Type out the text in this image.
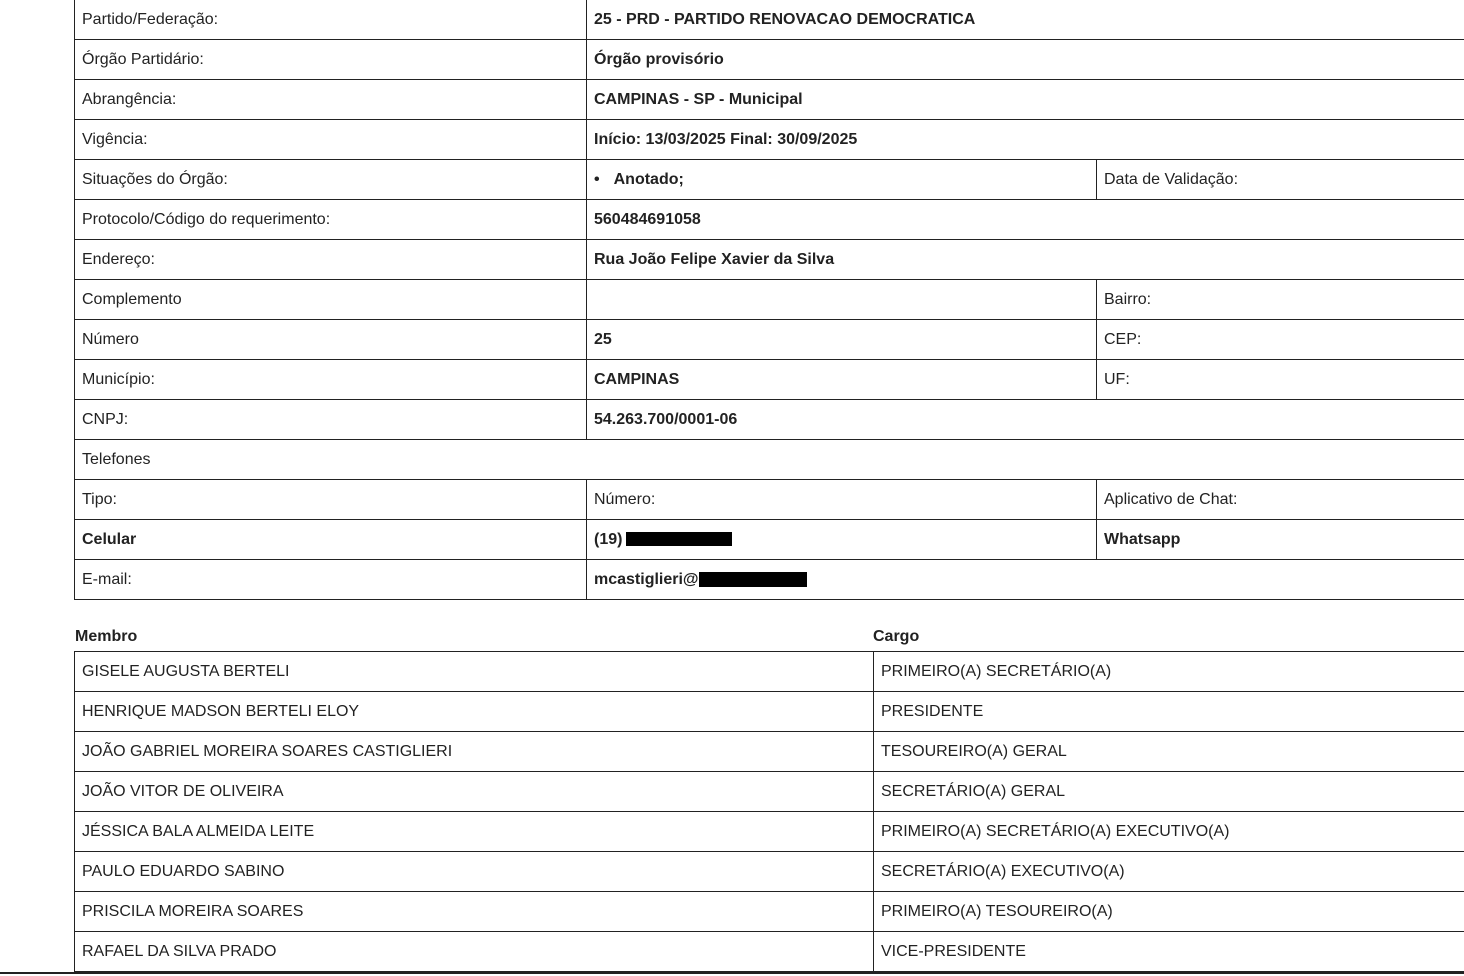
Partido/Federação:	25 - PRD - PARTIDO RENOVACAO DEMOCRATICA	
Órgão Partidário:	Órgão provisório	
Abrangência:	CAMPINAS - SP - Municipal	
Vigência:	Início: 13/03/2025 Final: 30/09/2025	
Situações do Órgão:	• Anotado;	Data de Validação:
Protocolo/Código do requerimento:	560484691058	
Endereço:	Rua João Felipe Xavier da Silva	
Complemento		Bairro:
Número	25	CEP:
Município:	CAMPINAS	UF:
CNPJ:	54.263.700/0001-06	
Telefones		
Tipo:	Número:	Aplicativo de Chat:
Celular	(19)	Whatsapp
E-mail:	mcastiglieri@	
Membro	Cargo
GISELE AUGUSTA BERTELI	PRIMEIRO(A) SECRETÁRIO(A)
HENRIQUE MADSON BERTELI ELOY	PRESIDENTE
JOÃO GABRIEL MOREIRA SOARES CASTIGLIERI	TESOUREIRO(A) GERAL
JOÃO VITOR DE OLIVEIRA	SECRETÁRIO(A) GERAL
JÉSSICA BALA ALMEIDA LEITE	PRIMEIRO(A) SECRETÁRIO(A) EXECUTIVO(A)
PAULO EDUARDO SABINO	SECRETÁRIO(A) EXECUTIVO(A)
PRISCILA MOREIRA SOARES	PRIMEIRO(A) TESOUREIRO(A)
RAFAEL DA SILVA PRADO	VICE-PRESIDENTE
